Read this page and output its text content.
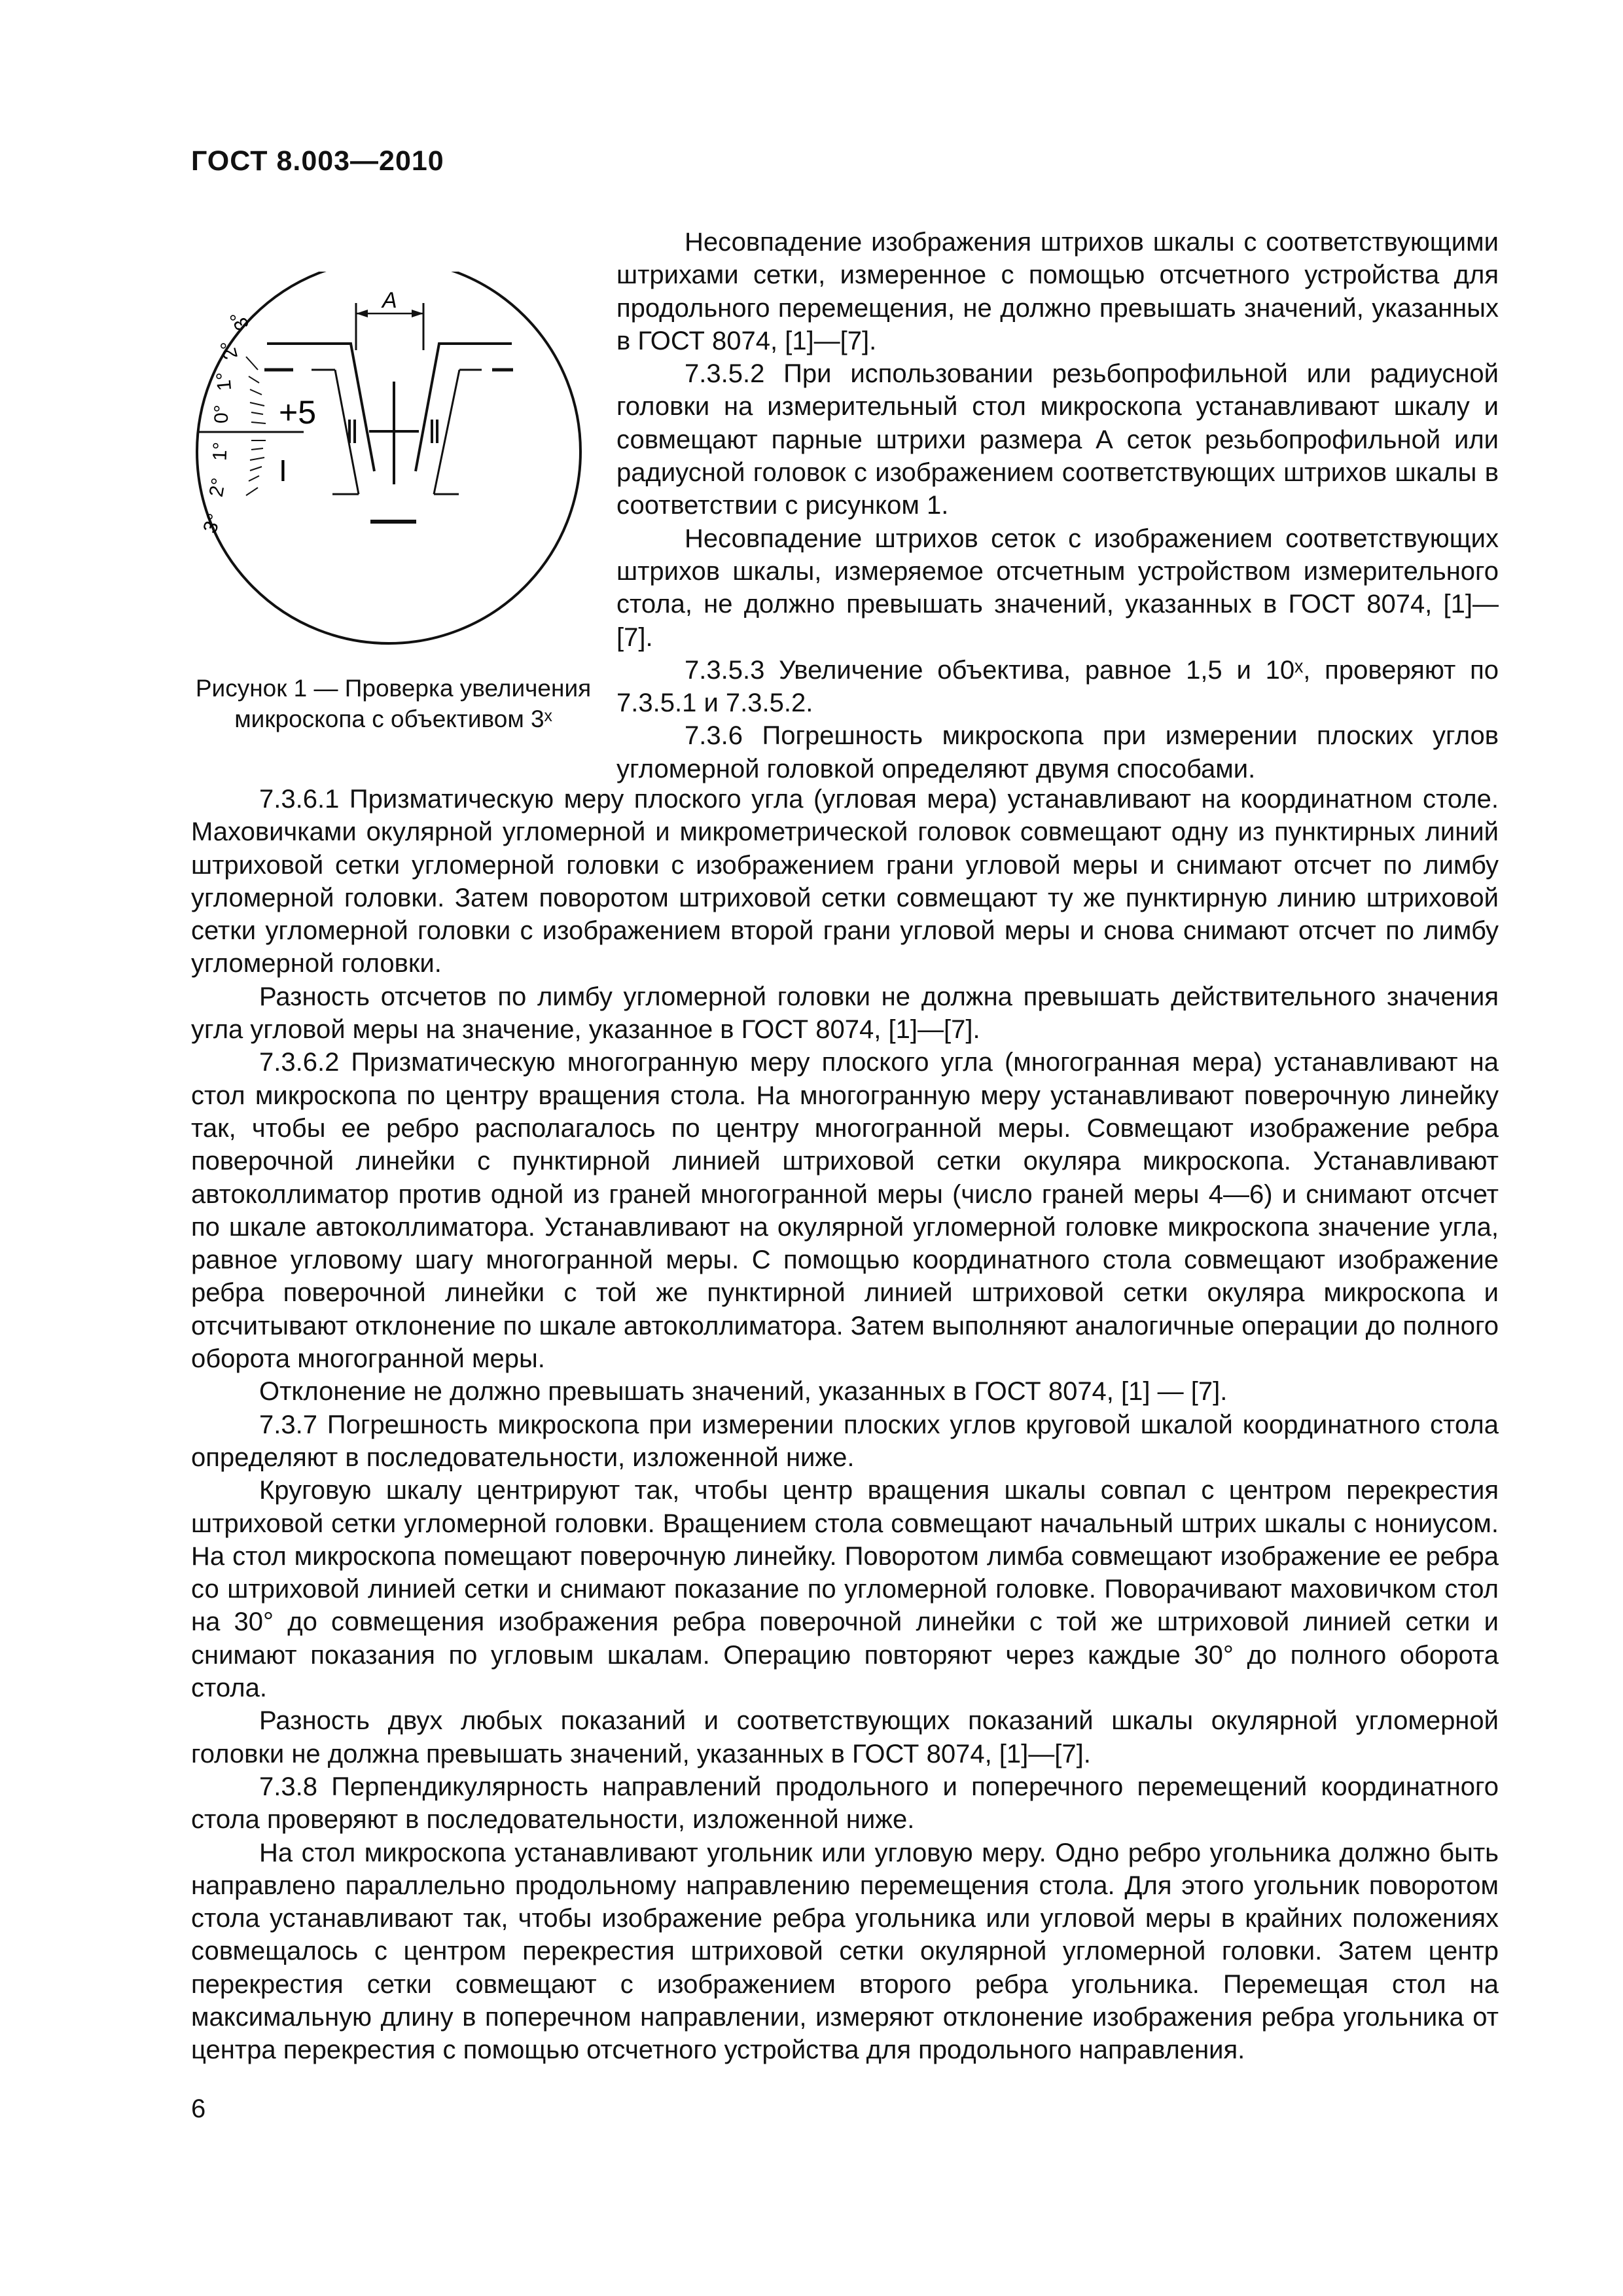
ГОСТ 8.003—2010
A
+5
I
3°
2°
1°
0°
1°
2°
3°
Рисунок 1 — Проверка увеличения микроскопа с объективом 3ˣ

Несовпадение изображения штрихов шкалы с соответствующими штрихами сетки, измеренное с помощью отсчетного устройства для продольного перемещения, не должно превышать значений, указанных в ГОСТ 8074, [1]—[7].

7.3.5.2 При использовании резьбопрофильной или радиусной головки на измерительный стол микроскопа устанавливают шкалу и совмещают парные штрихи размера А сеток резьбопрофильной или радиусной головок с изображением соответствующих штрихов шкалы в соответствии с рисунком 1.

Несовпадение штрихов сеток с изображением соответствующих штрихов шкалы, измеряемое отсчетным устройством измерительного стола, не должно превышать значений, указанных в ГОСТ 8074, [1]—[7].

7.3.5.3 Увеличение объектива, равное 1,5 и 10ˣ, проверяют по 7.3.5.1 и 7.3.5.2.

7.3.6 Погрешность микроскопа при измерении плоских углов угломерной головкой определяют двумя способами.

7.3.6.1 Призматическую меру плоского угла (угловая мера) устанавливают на координатном столе. Маховичками окулярной угломерной и микрометрической головок совмещают одну из пунктирных линий штриховой сетки угломерной головки с изображением грани угловой меры и снимают отсчет по лимбу угломерной головки. Затем поворотом штриховой сетки совмещают ту же пунктирную линию штриховой сетки угломерной головки с изображением второй грани угловой меры и снова снимают отсчет по лимбу угломерной головки.

Разность отсчетов по лимбу угломерной головки не должна превышать действительного значения угла угловой меры на значение, указанное в ГОСТ 8074, [1]—[7].

7.3.6.2 Призматическую многогранную меру плоского угла (многогранная мера) устанавливают на стол микроскопа по центру вращения стола. На многогранную меру устанавливают поверочную линейку так, чтобы ее ребро располагалось по центру многогранной меры. Совмещают изображение ребра поверочной линейки с пунктирной линией штриховой сетки окуляра микроскопа. Устанавливают автоколлиматор против одной из граней многогранной меры (число граней меры 4—6) и снимают отсчет по шкале автоколлиматора. Устанавливают на окулярной угломерной головке микроскопа значение угла, равное угловому шагу многогранной меры. С помощью координатного стола совмещают изображение ребра поверочной линейки с той же пунктирной линией штриховой сетки окуляра микроскопа и отсчитывают отклонение по шкале автоколлиматора. Затем выполняют аналогичные операции до полного оборота многогранной меры.

Отклонение не должно превышать значений, указанных в ГОСТ 8074, [1] — [7].

7.3.7 Погрешность микроскопа при измерении плоских углов круговой шкалой координатного стола определяют в последовательности, изложенной ниже.

Круговую шкалу центрируют так, чтобы центр вращения шкалы совпал с центром перекрестия штриховой сетки угломерной головки. Вращением стола совмещают начальный штрих шкалы с нониусом. На стол микроскопа помещают поверочную линейку. Поворотом лимба совмещают изображение ее ребра со штриховой линией сетки и снимают показание по угломерной головке. Поворачивают маховичком стол на 30° до совмещения изображения ребра поверочной линейки с той же штриховой линией сетки и снимают показания по угловым шкалам. Операцию повторяют через каждые 30° до полного оборота стола.

Разность двух любых показаний и соответствующих показаний шкалы окулярной угломерной головки не должна превышать значений, указанных в ГОСТ 8074, [1]—[7].

7.3.8 Перпендикулярность направлений продольного и поперечного перемещений координатного стола проверяют в последовательности, изложенной ниже.

На стол микроскопа устанавливают угольник или угловую меру. Одно ребро угольника должно быть направлено параллельно продольному направлению перемещения стола. Для этого угольник поворотом стола устанавливают так, чтобы изображение ребра угольника или угловой меры в крайних положениях совмещалось с центром перекрестия штриховой сетки окулярной угломерной головки. Затем центр перекрестия сетки совмещают с изображением второго ребра угольника. Перемещая стол на максимальную длину в поперечном направлении, измеряют отклонение изображения ребра угольника от центра перекрестия с помощью отсчетного устройства для продольного направления.

6
